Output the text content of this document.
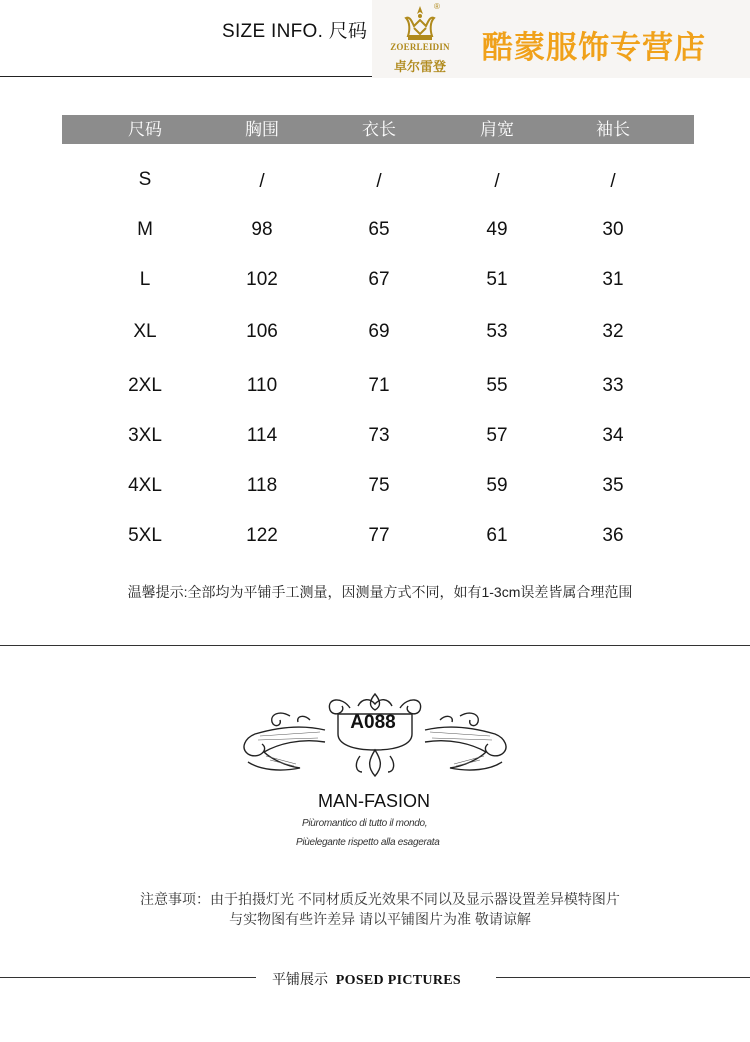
SIZE INFO. 尺码
®
ZOERLEIDIN
卓尔雷登
酷蒙服饰专营店
尺码	胸围	衣长	肩宽	袖长
S	/	/	/	/
M	98	65	49	30
L	102	67	51	31
XL	106	69	53	32
2XL	110	71	55	33
3XL	114	73	57	34
4XL	118	75	59	35
5XL	122	77	61	36
温馨提示:全部均为平铺手工测量，因测量方式不同，如有1-3cm误差皆属合理范围
A088
MAN-FASION
Piùromantico di tutto il mondo,
Piùelegante rispetto alla esagerata
注意事项：由于拍摄灯光 不同材质反光效果不同以及显示器设置差异模特图片
与实物图有些许差异 请以平铺图片为准 敬请谅解
平铺展示 POSED PICTURES
